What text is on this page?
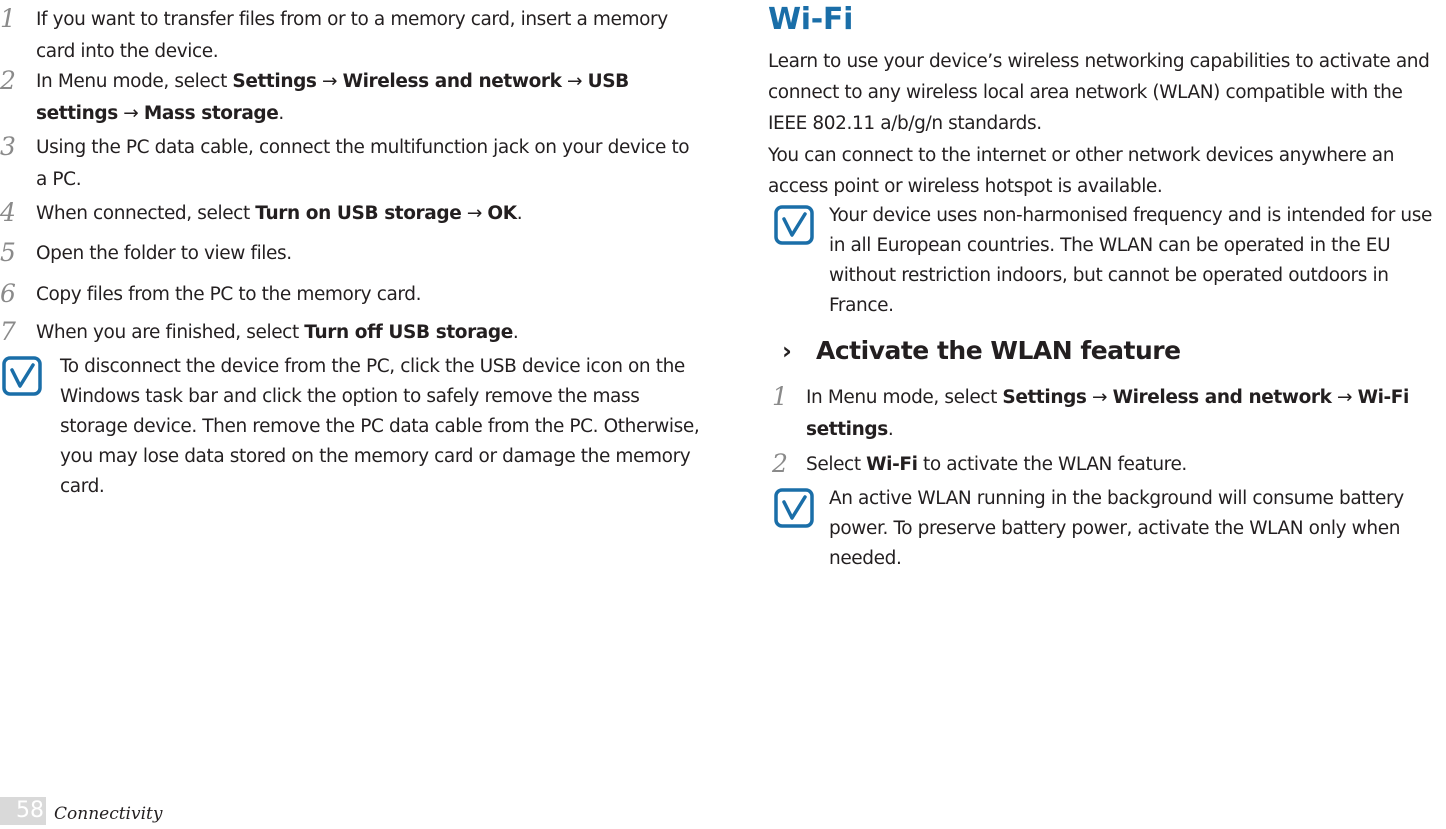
1	If you want to transfer files from or to a memory card, insert a memory card into the device.
2	In Menu mode, select Settings → Wireless and network → USB settings → Mass storage.
3	Using the PC data cable, connect the multifunction jack on your device to a PC.
4	When connected, select Turn on USB storage → OK.
5	Open the folder to view files.
6	Copy files from the PC to the memory card.
7	When you are finished, select Turn off USB storage.
To disconnect the device from the PC, click the USB device icon on the Windows task bar and click the option to safely remove the mass storage device. Then remove the PC data cable from the PC. Otherwise, you may lose data stored on the memory card or damage the memory card.
Wi-Fi
Learn to use your device’s wireless networking capabilities to activate and connect to any wireless local area network (WLAN) compatible with the IEEE 802.11 a/b/g/n standards.
You can connect to the internet or other network devices anywhere an access point or wireless hotspot is available.
Your device uses non-harmonised frequency and is intended for use in all European countries. The WLAN can be operated in the EU without restriction indoors, but cannot be operated outdoors in France.
› Activate the WLAN feature
1 In Menu mode, select Settings → Wireless and network → Wi-Fi settings.
2 Select Wi-Fi to activate the WLAN feature.
An active WLAN running in the background will consume battery power. To preserve battery power, activate the WLAN only when needed.
58 Connectivity
